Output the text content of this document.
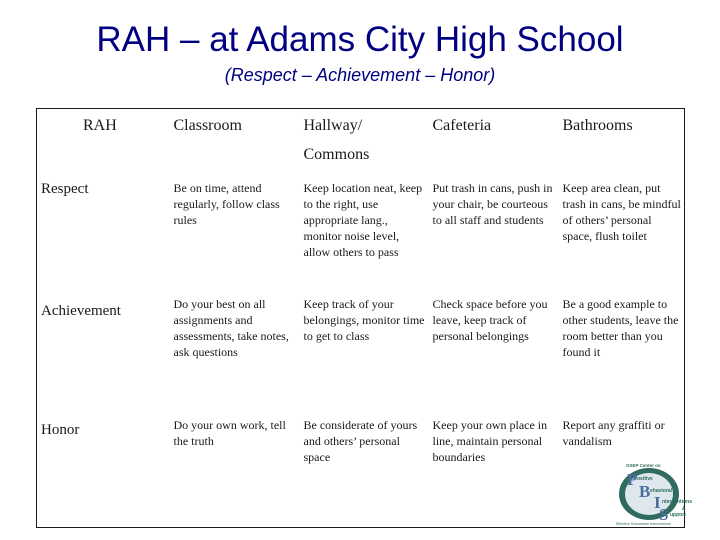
RAH – at Adams City High School
(Respect – Achievement – Honor)
RAH	Classroom	Hallway/ Commons	Cafeteria	Bathrooms
Respect	Be on time, attend regularly, follow class rules	Keep location neat, keep to the right, use appropriate lang., monitor noise level, allow others to pass	Put trash in cans, push in your chair, be courteous to all staff and students	Keep area clean, put trash in cans, be mindful of others’ personal space, flush toilet
Achievement	Do your best on all assignments and assessments, take notes, ask questions	Keep track of your belongings, monitor time to get to class	Check space before you leave, keep track of personal belongings	Be a good example to other students, leave the room better than you found it
Honor	Do your own work, tell the truth	Be considerate of yours and others’ personal space	Keep your own place in line, maintain personal boundaries	Report any graffiti or vandalism
OSEP Center on
P
B
I
S
ositive
ehavioral
nterventions
&
upport
Effective Schoolwide Interventions
